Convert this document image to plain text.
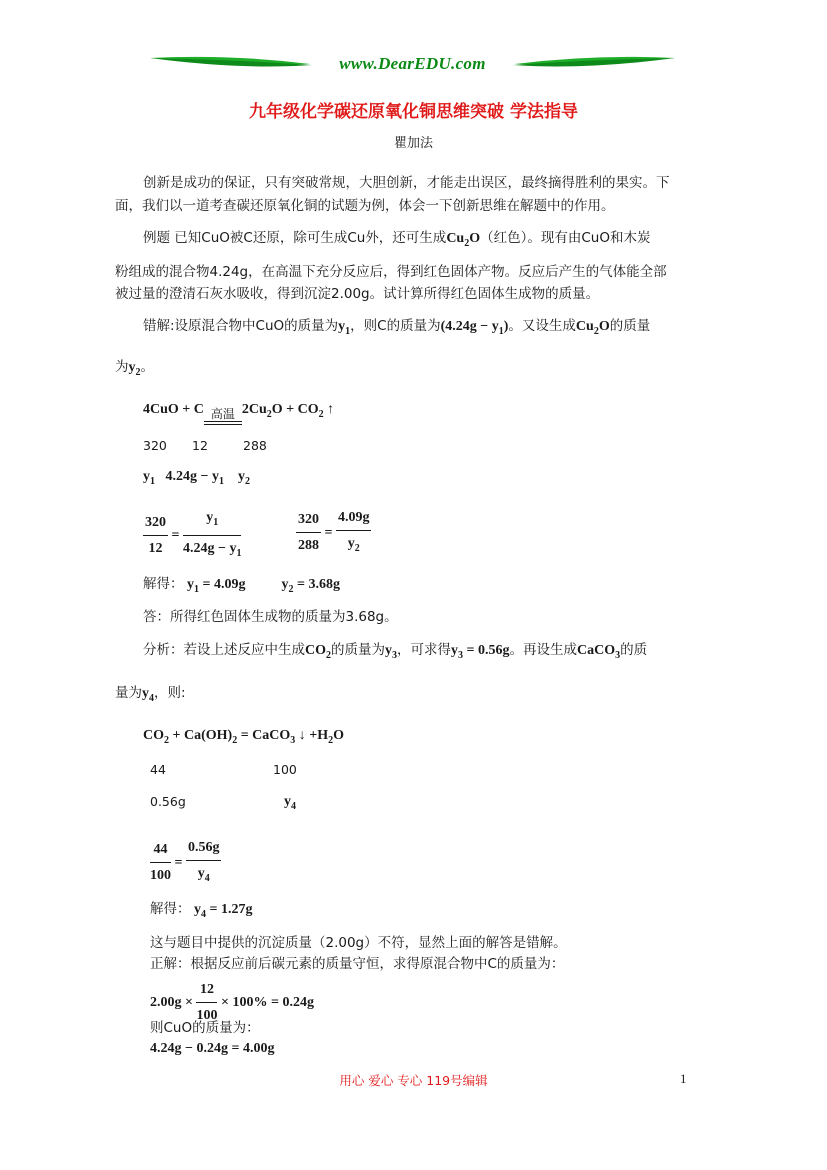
www.DearEDU.com
九年级化学碳还原氧化铜思维突破 学法指导
瞿加法
创新是成功的保证，只有突破常规，大胆创新，才能走出误区，最终摘得胜利的果实。下
面，我们以一道考查碳还原氧化铜的试题为例，体会一下创新思维在解题中的作用。
例题 已知CuO被C还原，除可生成Cu外，还可生成$Cu_2O$（红色）。现有由CuO和木炭
粉组成的混合物4.24g，在高温下充分反应后，得到红色固体产物。反应后产生的气体能全部
被过量的澄清石灰水吸收，得到沉淀2.00g。试计算所得红色固体生成物的质量。
错解:设原混合物中CuO的质量为$y_1$，则C的质量为$(4.24g - y_1)$。又设生成$Cu_2O$的质量
为$y_2$。
4CuO + C 高温 $2Cu_2O + CO_2$ ↑
320 12	288
$y_1$   $4.24g - y_1$    $y_2$
$\frac{320}{12} = \frac{y_1}{4.24g - y_1}$	$\frac{320}{288} = \frac{4.09g}{y_2}$
解得： $y_1 = 4.09g$	$y_2 = 3.68g$
答：所得红色固体生成物的质量为3.68g。
分析：若设上述反应中生成$CO_2$的质量为$y_3$，可求得$y_3 = 0.56g$。再设生成CaCO$_3$的质
量为$y_4$，则:
$CO_2 + Ca(OH)_2$ = CaCO$_3$ ↓ $+H_2O$
44	100
0.56g	$y_4$
$\frac{44}{100} = \frac{0.56g}{y_4}$
解得： $y_4 = 1.27g$
这与题目中提供的沉淀质量（2.00g）不符，显然上面的解答是错解。
正解：根据反应前后碳元素的质量守恒，求得原混合物中C的质量为：
$2.00g \times \frac{12}{100} \times 100\% = 0.24g$
则CuO的质量为：
4.24g − 0.24g = 4.00g
用心 爱心 专心 119号编辑	1
